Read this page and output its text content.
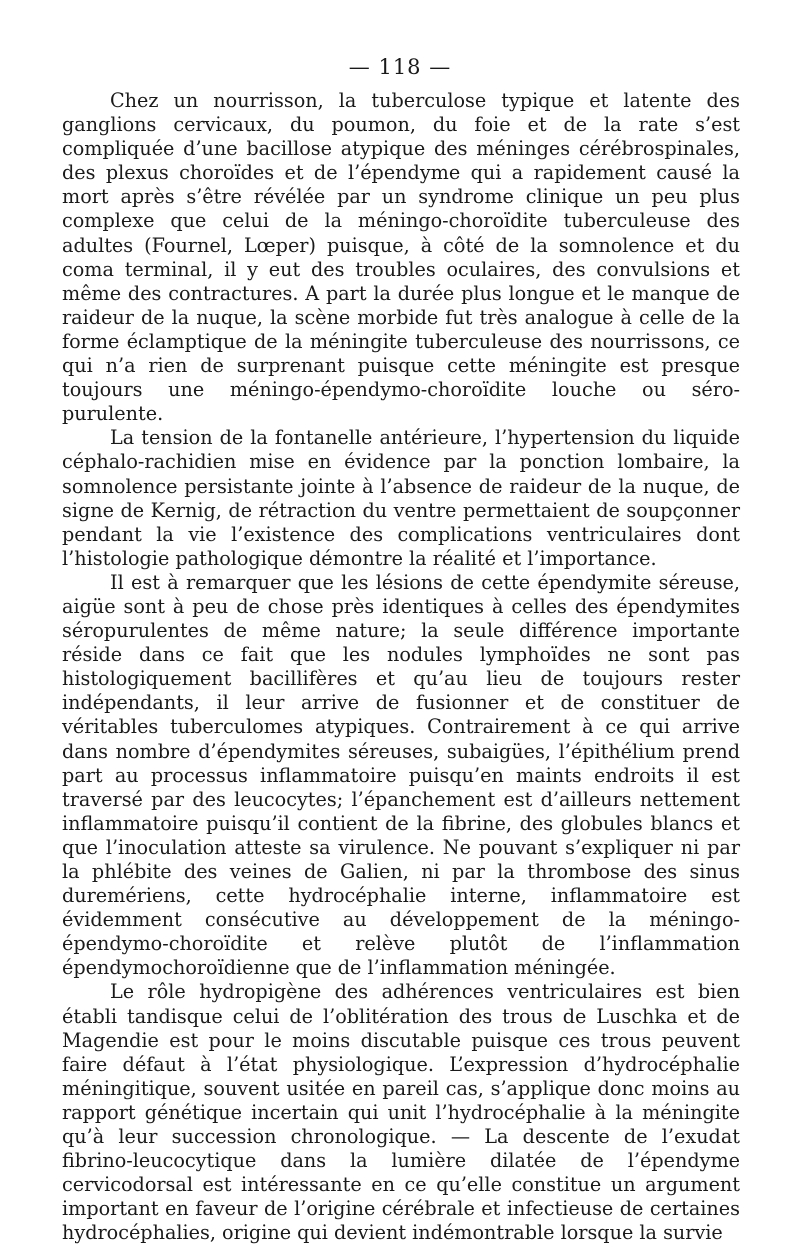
— 118 —

Chez un nourrisson, la tuberculose typique et latente des ganglions cervicaux, du poumon, du foie et de la rate s’est compliquée d’une bacillose atypique des méninges cérébrospinales, des plexus choroïdes et de l’épendyme qui a rapidement causé la mort après s’être révélée par un syndrome clinique un peu plus complexe que celui de la méningo-choroïdite tuberculeuse des adultes (Fournel, Lœper) puisque, à côté de la somnolence et du coma terminal, il y eut des troubles oculaires, des convulsions et même des contractures. A part la durée plus longue et le manque de raideur de la nuque, la scène morbide fut très analogue à celle de la forme éclamptique de la méningite tuberculeuse des nourrissons, ce qui n’a rien de surprenant puisque cette méningite est presque toujours une méningo-épendymo-choroïdite louche ou séro-purulente.

La tension de la fontanelle antérieure, l’hypertension du liquide céphalo-rachidien mise en évidence par la ponction lombaire, la somnolence persistante jointe à l’absence de raideur de la nuque, de signe de Kernig, de rétraction du ventre permettaient de soupçonner pendant la vie l’existence des complications ventriculaires dont l’histologie pathologique démontre la réalité et l’importance.

Il est à remarquer que les lésions de cette épendymite séreuse, aigüe sont à peu de chose près identiques à celles des épendymites séropurulentes de même nature; la seule différence importante réside dans ce fait que les nodules lymphoïdes ne sont pas histologiquement bacillifères et qu’au lieu de toujours rester indépendants, il leur arrive de fusionner et de constituer de véritables tuberculomes atypiques. Contrairement à ce qui arrive dans nombre d’épendymites séreuses, subaigües, l’épithélium prend part au processus inflammatoire puisqu’en maints endroits il est traversé par des leucocytes; l’épanchement est d’ailleurs nettement inflammatoire puisqu’il contient de la fibrine, des globules blancs et que l’inoculation atteste sa virulence. Ne pouvant s’expliquer ni par la phlébite des veines de Galien, ni par la thrombose des sinus duremériens, cette hydrocéphalie interne, inflammatoire est évidemment consécutive au développement de la méningo-épendymo-choroïdite et relève plutôt de l’inflammation épendymochoroïdienne que de l’inflammation méningée.

Le rôle hydropigène des adhérences ventriculaires est bien établi tandisque celui de l’oblitération des trous de Luschka et de Magendie est pour le moins discutable puisque ces trous peuvent faire défaut à l’état physiologique. L’expression d’hydrocéphalie méningitique, souvent usitée en pareil cas, s’applique donc moins au rapport génétique incertain qui unit l’hydrocéphalie à la méningite qu’à leur succession chronologique. — La descente de l’exudat fibrino-leucocytique dans la lumière dilatée de l’épendyme cervicodorsal est intéressante en ce qu’elle constitue un argument important en faveur de l’origine cérébrale et infectieuse de certaines hydrocéphalies, origine qui devient indémontrable lorsque la survie
